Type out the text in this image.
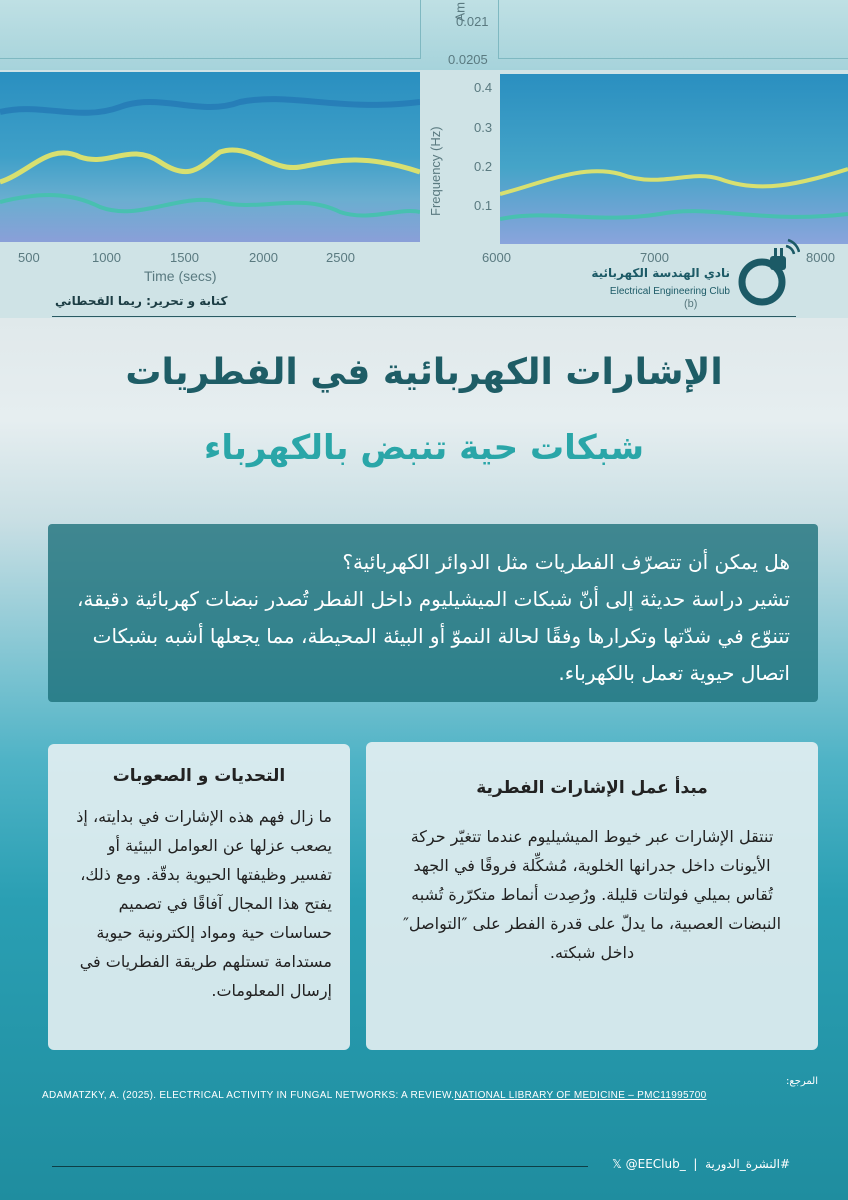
Am
0.021
0.0205
Frequency (Hz)
0.4
0.3
0.2
0.1
500	1000	1500	2000	2500
Time (secs)
6000	7000	8000
(b)
نادي الهندسة الكهربائية
Electrical Engineering Club
كتابة و تحرير: ريما القحطاني
الإشارات الكهربائية في الفطريات
شبكات حية تنبض بالكهرباء
هل يمكن أن تتصرّف الفطريات مثل الدوائر الكهربائية؟
تشير دراسة حديثة إلى أنّ شبكات الميشيليوم داخل الفطر تُصدر نبضات كهربائية دقيقة، تتنوّع في شدّتها وتكرارها وفقًا لحالة النموّ أو البيئة المحيطة، مما يجعلها أشبه بشبكات اتصال حيوية تعمل بالكهرباء.
مبدأ عمل الإشارات الفطرية

تنتقل الإشارات عبر خيوط الميشيليوم عندما تتغيّر حركة الأيونات داخل جدرانها الخلوية، مُشكِّلة فروقًا في الجهد تُقاس بميلي فولتات قليلة. ورُصِدت أنماط متكرّرة تُشبه النبضات العصبية، ما يدلّ على قدرة الفطر على ″التواصل″ داخل شبكته.

التحديات و الصعوبات

ما زال فهم هذه الإشارات في بدايته، إذ يصعب عزلها عن العوامل البيئية أو تفسير وظيفتها الحيوية بدقّة. ومع ذلك، يفتح هذا المجال آفاقًا في تصميم حساسات حية ومواد إلكترونية حيوية مستدامة تستلهم طريقة الفطريات في إرسال المعلومات.

المرجع:
ADAMATZKY, A. (2025). ELECTRICAL ACTIVITY IN FUNGAL NETWORKS: A REVIEW.NATIONAL LIBRARY OF MEDICINE – PMC11995700
#النشرة_الدورية  |  @EEClub_ 𝕏
